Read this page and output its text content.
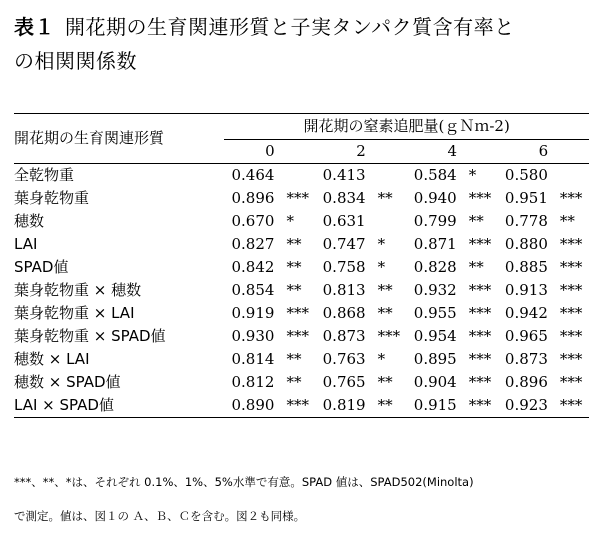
表１ 開花期の生育関連形質と子実タンパク質含有率と
の相関関係数
開花期の生育関連形質	開花期の窒素追肥量(ｇＮｍ-2)							
	0		2		4		6	
全乾物重	0.464		0.413		0.584	*	0.580	
葉身乾物重	0.896	***	0.834	**	0.940	***	0.951	***
穂数	0.670	*	0.631		0.799	**	0.778	**
LAI	0.827	**	0.747	*	0.871	***	0.880	***
SPAD値	0.842	**	0.758	*	0.828	**	0.885	***
葉身乾物重 × 穂数	0.854	**	0.813	**	0.932	***	0.913	***
葉身乾物重 × LAI	0.919	***	0.868	**	0.955	***	0.942	***
葉身乾物重 × SPAD値	0.930	***	0.873	***	0.954	***	0.965	***
穂数 × LAI	0.814	**	0.763	*	0.895	***	0.873	***
穂数 × SPAD値	0.812	**	0.765	**	0.904	***	0.896	***
LAI × SPAD値	0.890	***	0.819	**	0.915	***	0.923	***
***、**、*は、それぞれ 0.1%、1%、5%水準で有意。SPAD 値は、SPAD502(Minolta)
で測定。値は、図１の Ａ、Ｂ、Ｃを含む。図２も同様。
